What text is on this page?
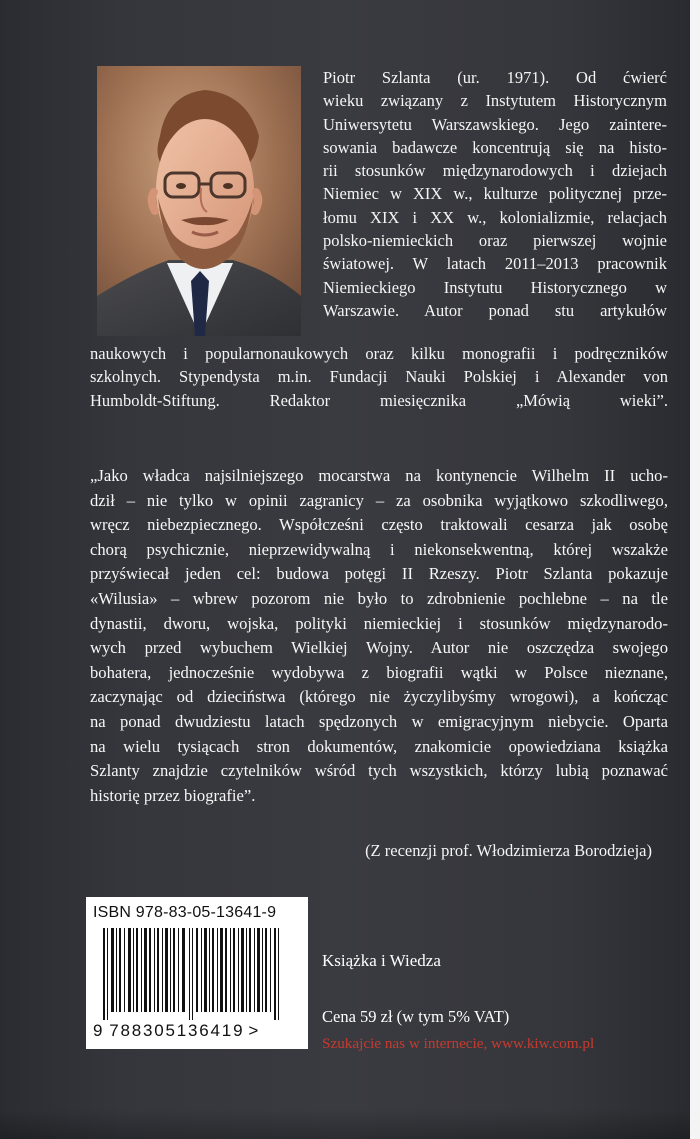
Piotr Szlanta (ur. 1971). Od ćwierć
wieku związany z Instytutem Historycznym
Uniwersytetu Warszawskiego. Jego zaintere-
sowania badawcze koncentrują się na histo-
rii stosunków międzynarodowych i dziejach
Niemiec w XIX w., kulturze politycznej prze-
łomu XIX i XX w., kolonializmie, relacjach
polsko-niemieckich oraz pierwszej wojnie
światowej. W latach 2011–2013 pracownik
Niemieckiego Instytutu Historycznego w
Warszawie. Autor ponad stu artykułów

naukowych i popularnonaukowych oraz kilku monografii i podręczników
szkolnych. Stypendysta m.in. Fundacji Nauki Polskiej i Alexander von
Humboldt-Stiftung. Redaktor miesięcznika „Mówią wieki”.

„Jako władca najsilniejszego mocarstwa na kontynencie Wilhelm II ucho-
dził – nie tylko w opinii zagranicy – za osobnika wyjątkowo szkodliwego,
wręcz niebezpiecznego. Współcześni często traktowali cesarza jak osobę
chorą psychicznie, nieprzewidywalną i niekonsekwentną, której wszakże
przyświecał jeden cel: budowa potęgi II Rzeszy. Piotr Szlanta pokazuje
«Wilusia» – wbrew pozorom nie było to zdrobnienie pochlebne – na tle
dynastii, dworu, wojska, polityki niemieckiej i stosunków międzynarodo-
wych przed wybuchem Wielkiej Wojny. Autor nie oszczędza swojego
bohatera, jednocześnie wydobywa z biografii wątki w Polsce nieznane,
zaczynając od dzieciństwa (którego nie życzylibyśmy wrogowi), a kończąc
na ponad dwudziestu latach spędzonych w emigracyjnym niebycie. Oparta
na wielu tysiącach stron dokumentów, znakomicie opowiedziana książka
Szlanty znajdzie czytelników wśród tych wszystkich, którzy lubią poznawać
historię przez biografie”.

(Z recenzji prof. Włodzimierza Borodzieja)

ISBN 978-83-05-13641-9
9 788305136419 >

Książka i Wiedza

Cena 59 zł (w tym 5% VAT)

Szukajcie nas w internecie, www.kiw.com.pl
